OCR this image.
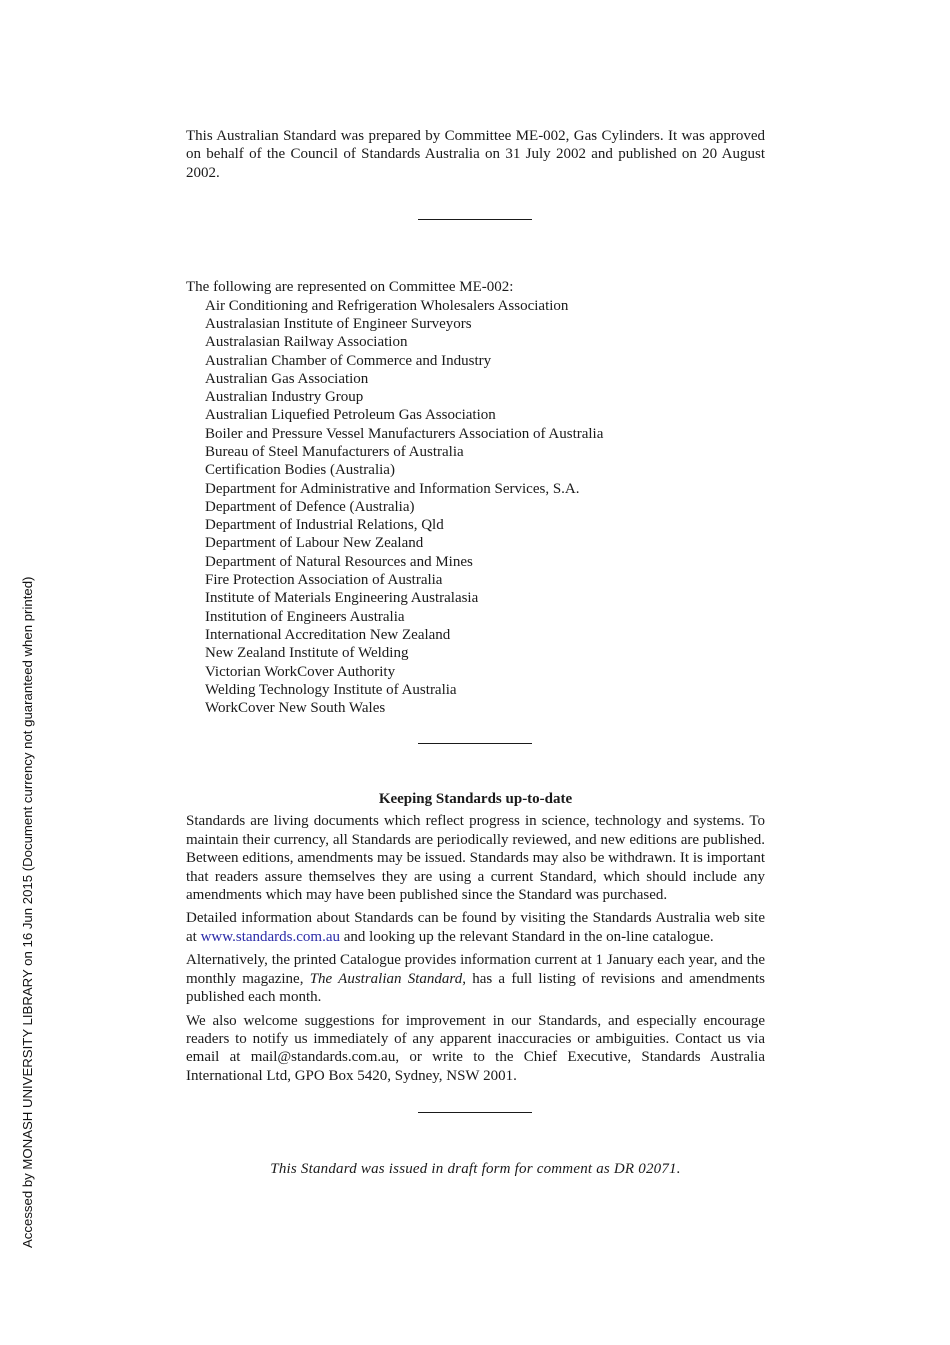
This Australian Standard was prepared by Committee ME-002, Gas Cylinders. It was approved on behalf of the Council of Standards Australia on 31 July 2002 and published on 20 August 2002.

The following are represented on Committee ME-002:

Air Conditioning and Refrigeration Wholesalers Association
Australasian Institute of Engineer Surveyors
Australasian Railway Association
Australian Chamber of Commerce and Industry
Australian Gas Association
Australian Industry Group
Australian Liquefied Petroleum Gas Association
Boiler and Pressure Vessel Manufacturers Association of Australia
Bureau of Steel Manufacturers of Australia
Certification Bodies (Australia)
Department for Administrative and Information Services, S.A.
Department of Defence (Australia)
Department of Industrial Relations, Qld
Department of Labour New Zealand
Department of Natural Resources and Mines
Fire Protection Association of Australia
Institute of Materials Engineering Australasia
Institution of Engineers Australia
International Accreditation New Zealand
New Zealand Institute of Welding
Victorian WorkCover Authority
Welding Technology Institute of Australia
WorkCover New South Wales
Keeping Standards up-to-date

Standards are living documents which reflect progress in science, technology and systems. To maintain their currency, all Standards are periodically reviewed, and new editions are published. Between editions, amendments may be issued. Standards may also be withdrawn. It is important that readers assure themselves they are using a current Standard, which should include any amendments which may have been published since the Standard was purchased.

Detailed information about Standards can be found by visiting the Standards Australia web site at www.standards.com.au and looking up the relevant Standard in the on-line catalogue.

Alternatively, the printed Catalogue provides information current at 1 January each year, and the monthly magazine, The Australian Standard, has a full listing of revisions and amendments published each month.

We also welcome suggestions for improvement in our Standards, and especially encourage readers to notify us immediately of any apparent inaccuracies or ambiguities. Contact us via email at mail@standards.com.au, or write to the Chief Executive, Standards Australia International Ltd, GPO Box 5420, Sydney, NSW 2001.

This Standard was issued in draft form for comment as DR 02071.
Accessed by MONASH UNIVERSITY LIBRARY on 16 Jun 2015 (Document currency not guaranteed when printed)
